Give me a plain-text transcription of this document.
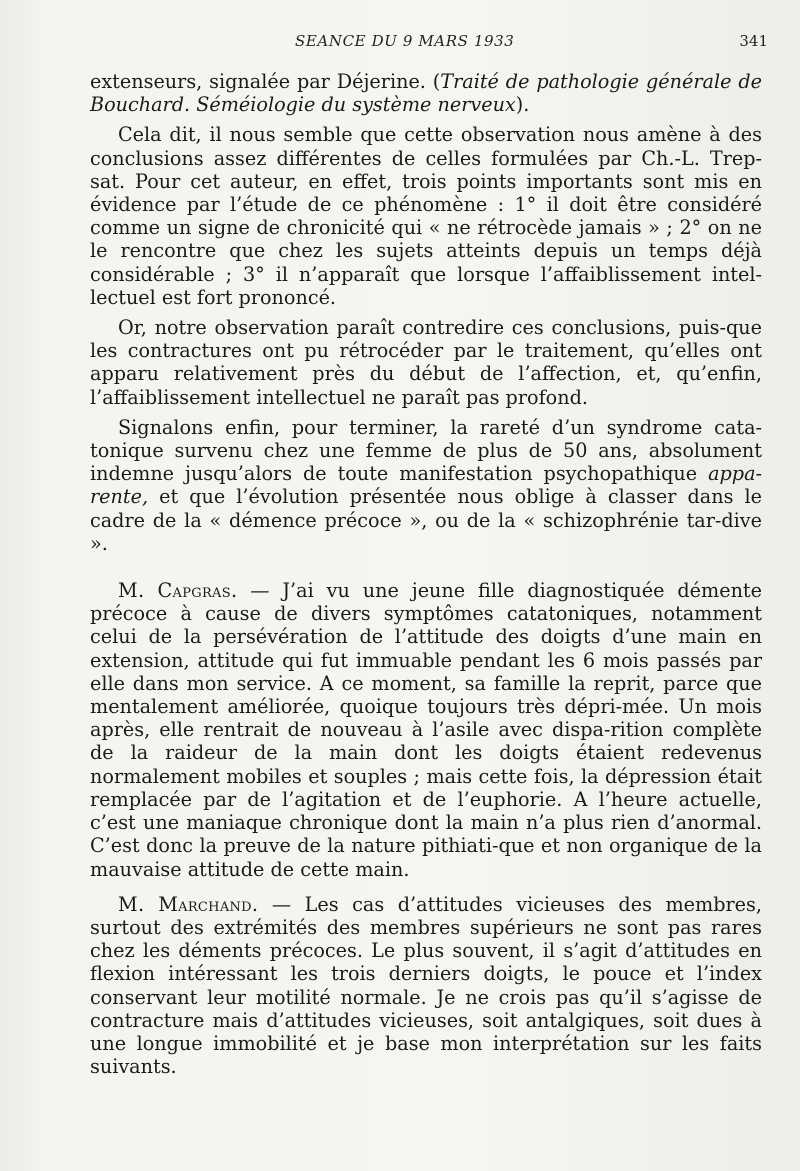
SEANCE DU 9 MARS 1933	341

extenseurs, signalée par Déjerine. (Traité de pathologie générale de Bouchard. Séméiologie du système nerveux).

Cela dit, il nous semble que cette observation nous amène à des conclusions assez différentes de celles formulées par Ch.-L. Trep-sat. Pour cet auteur, en effet, trois points importants sont mis en évidence par l’étude de ce phénomène : 1° il doit être considéré comme un signe de chronicité qui « ne rétrocède jamais » ; 2° on ne le rencontre que chez les sujets atteints depuis un temps déjà considérable ; 3° il n’apparaît que lorsque l’affaiblissement intel-lectuel est fort prononcé.

Or, notre observation paraît contredire ces conclusions, puis-que les contractures ont pu rétrocéder par le traitement, qu’elles ont apparu relativement près du début de l’affection, et, qu’enfin, l’affaiblissement intellectuel ne paraît pas profond.

Signalons enfin, pour terminer, la rareté d’un syndrome cata-tonique survenu chez une femme de plus de 50 ans, absolument indemne jusqu’alors de toute manifestation psychopathique appa-rente, et que l’évolution présentée nous oblige à classer dans le cadre de la « démence précoce », ou de la « schizophrénie tar-dive ».

M. Capgras. — J’ai vu une jeune fille diagnostiquée démente précoce à cause de divers symptômes catatoniques, notamment celui de la persévération de l’attitude des doigts d’une main en extension, attitude qui fut immuable pendant les 6 mois passés par elle dans mon service. A ce moment, sa famille la reprit, parce que mentalement améliorée, quoique toujours très dépri-mée. Un mois après, elle rentrait de nouveau à l’asile avec dispa-rition complète de la raideur de la main dont les doigts étaient redevenus normalement mobiles et souples ; mais cette fois, la dépression était remplacée par de l’agitation et de l’euphorie. A l’heure actuelle, c’est une maniaque chronique dont la main n’a plus rien d’anormal. C’est donc la preuve de la nature pithiati-que et non organique de la mauvaise attitude de cette main.

M. Marchand. — Les cas d’attitudes vicieuses des membres, surtout des extrémités des membres supérieurs ne sont pas rares chez les déments précoces. Le plus souvent, il s’agit d’attitudes en flexion intéressant les trois derniers doigts, le pouce et l’index conservant leur motilité normale. Je ne crois pas qu’il s’agisse de contracture mais d’attitudes vicieuses, soit antalgiques, soit dues à une longue immobilité et je base mon interprétation sur les faits suivants.
